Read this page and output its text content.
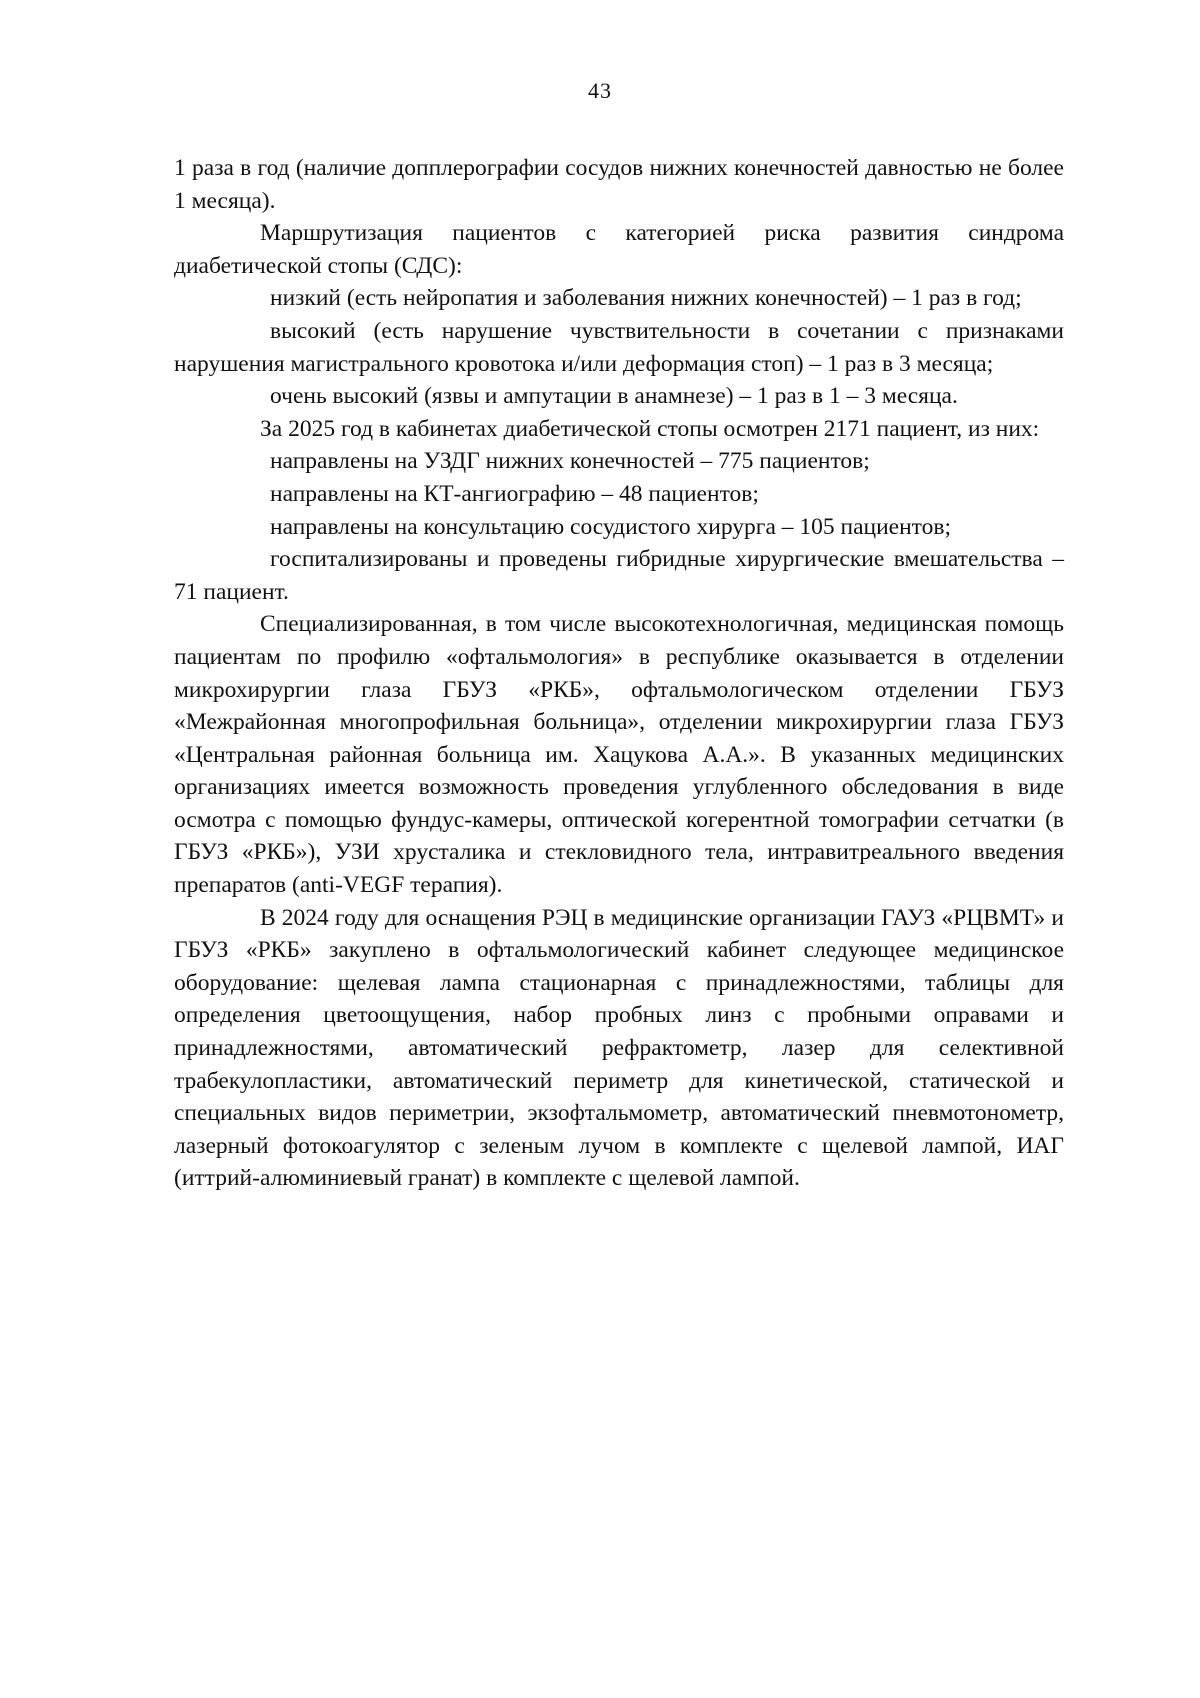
43

1 раза в год (наличие допплерографии сосудов нижних конечностей давностью не более 1 месяца).

Маршрутизация пациентов с категорией риска развития синдрома диабетической стопы (СДС):

низкий (есть нейропатия и заболевания нижних конечностей) – 1 раз в год;

высокий (есть нарушение чувствительности в сочетании с признаками нарушения магистрального кровотока и/или деформация стоп) – 1 раз в 3 месяца;

очень высокий (язвы и ампутации в анамнезе) – 1 раз в 1 – 3 месяца.

За 2025 год в кабинетах диабетической стопы осмотрен 2171 пациент, из них:

направлены на УЗДГ нижних конечностей – 775 пациентов;

направлены на КТ-ангиографию – 48 пациентов;

направлены на консультацию сосудистого хирурга – 105 пациентов;

госпитализированы и проведены гибридные хирургические вмешательства – 71 пациент.

Специализированная, в том числе высокотехнологичная, медицинская помощь пациентам по профилю «офтальмология» в республике оказывается в отделении микрохирургии глаза ГБУЗ «РКБ», офтальмологическом отделении ГБУЗ «Межрайонная многопрофильная больница», отделении микрохирургии глаза ГБУЗ «Центральная районная больница им. Хацукова А.А.». В указанных медицинских организациях имеется возможность проведения углубленного обследования в виде осмотра с помощью фундус-камеры, оптической когерентной томографии сетчатки (в ГБУЗ «РКБ»), УЗИ хрусталика и стекловидного тела, интравитреального введения препаратов (anti-VEGF терапия).

В 2024 году для оснащения РЭЦ в медицинские организации ГАУЗ «РЦВМТ» и ГБУЗ «РКБ» закуплено в офтальмологический кабинет следующее медицинское оборудование: щелевая лампа стационарная с принадлежностями, таблицы для определения цветоощущения, набор пробных линз с пробными оправами и принадлежностями, автоматический рефрактометр, лазер для селективной трабекулопластики, автоматический периметр для кинетической, статической и специальных видов периметрии, экзофтальмометр, автоматический пневмотонометр, лазерный фотокоагулятор с зеленым лучом в комплекте с щелевой лампой, ИАГ (иттрий-алюминиевый гранат) в комплекте с щелевой лампой.
